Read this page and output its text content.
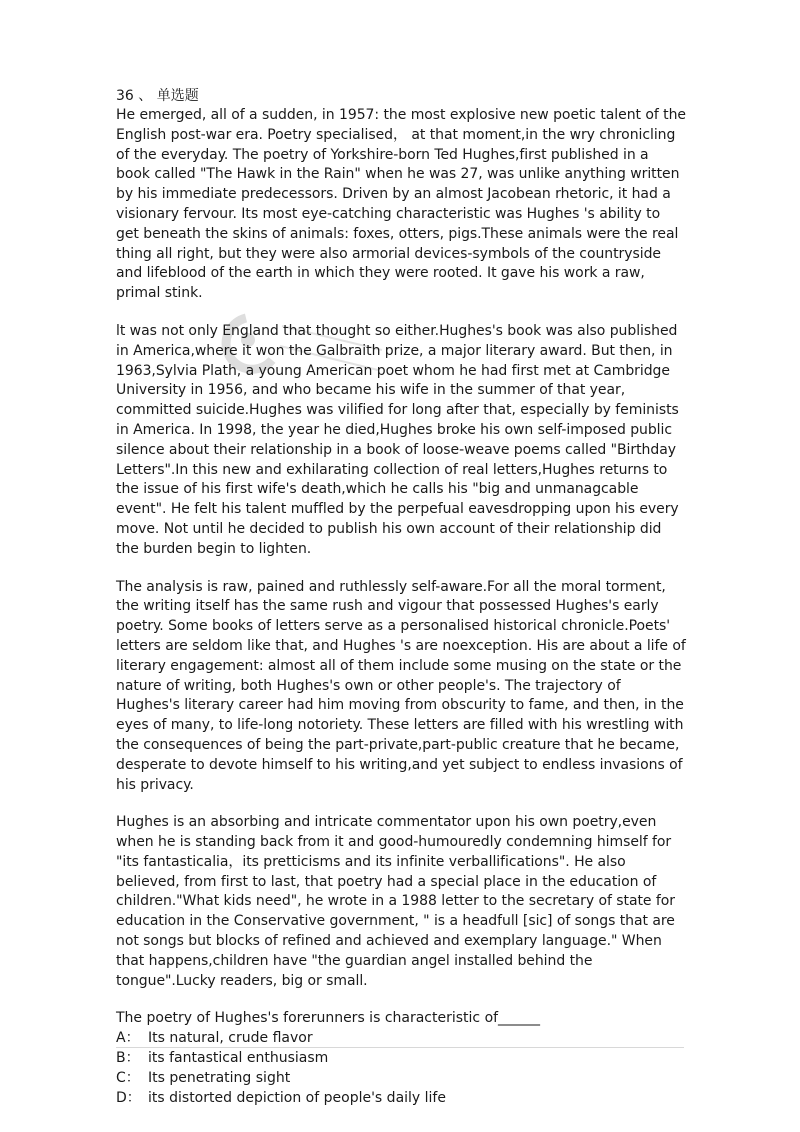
36 、 单选题

He emerged, all of a sudden, in 1957: the most explosive new poetic talent of the English post-war era. Poetry specialised， at that moment,in the wry chronicling of the everyday. The poetry of Yorkshire-born Ted Hughes,first published in a book called "The Hawk in the Rain" when he was 27, was unlike anything written by his immediate predecessors. Driven by an almost Jacobean rhetoric, it had a visionary fervour. Its most eye-catching characteristic was Hughes 's ability to get beneath the skins of animals: foxes, otters, pigs.These animals were the real thing all right, but they were also armorial devices-symbols of the countryside and lifeblood of the earth in which they were rooted. It gave his work a raw, primal stink.

lt was not only England that thought so either.Hughes's book was also published in America,where it won the Galbraith prize, a major literary award. But then, in 1963,Sylvia Plath, a young American poet whom he had first met at Cambridge University in 1956, and who became his wife in the summer of that year, committed suicide.Hughes was vilified for long after that, especially by feminists in America. In 1998, the year he died,Hughes broke his own self-imposed public silence about their relationship in a book of loose-weave poems called "Birthday Letters".In this new and exhilarating collection of real letters,Hughes returns to the issue of his first wife's death,which he calls his "big and unmanagcable event". He felt his talent muffled by the perpefual eavesdropping upon his every move. Not until he decided to publish his own account of their relationship did the burden begin to lighten.

The analysis is raw, pained and ruthlessly self-aware.For all the moral torment, the writing itself has the same rush and vigour that possessed Hughes's early poetry. Some books of letters serve as a personalised historical chronicle.Poets' letters are seldom like that, and Hughes 's are noexception. His are about a life of literary engagement: almost all of them include some musing on the state or the nature of writing, both Hughes's own or other people's. The trajectory of Hughes's literary career had him moving from obscurity to fame, and then, in the eyes of many, to life-long notoriety. These letters are filled with his wrestling with the consequences of being the part-private,part-public creature that he became, desperate to devote himself to his writing,and yet subject to endless invasions of his privacy.

Hughes is an absorbing and intricate commentator upon his own poetry,even when he is standing back from it and good-humouredly condemning himself for "its fantasticalia，its pretticisms and its infinite verballifications". He also believed, from first to last, that poetry had a special place in the education of children."What kids need", he wrote in a 1988 letter to the secretary of state for education in the Conservative government, " is a headfull [sic] of songs that are not songs but blocks of refined and achieved and exemplary language." When that happens,children have "the guardian angel installed behind the tongue".Lucky readers, big or small.

The poetry of Hughes's forerunners is characteristic of______

A： Its natural, crude flavor
B： its fantastical enthusiasm
C： Its penetrating sight
D： its distorted depiction of people's daily life
